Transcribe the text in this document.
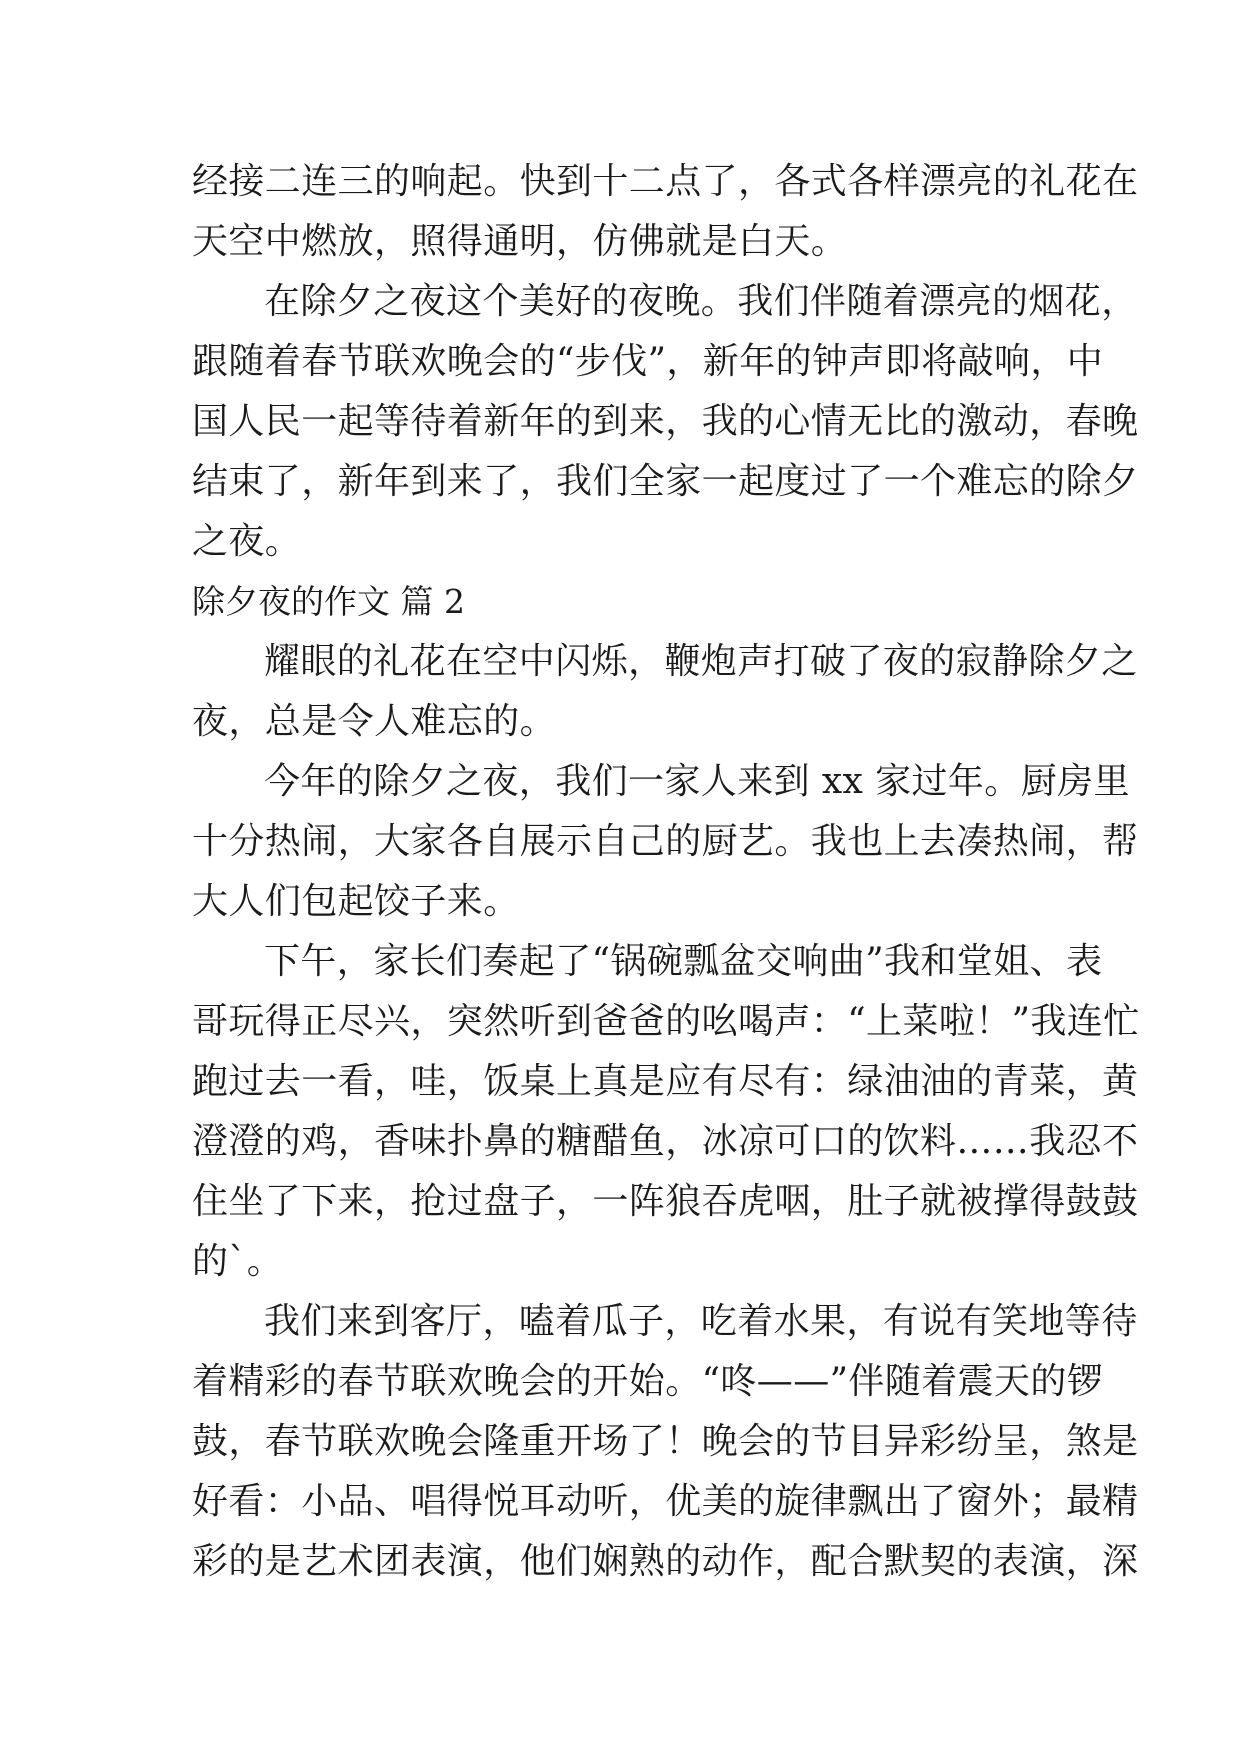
经接二连三的响起。快到十二点了，各式各样漂亮的礼花在
天空中燃放，照得通明，仿佛就是白天。
在除夕之夜这个美好的夜晚。我们伴随着漂亮的烟花，
跟随着春节联欢晚会的“步伐”，新年的钟声即将敲响，中
国人民一起等待着新年的到来，我的心情无比的激动，春晚
结束了，新年到来了，我们全家一起度过了一个难忘的除夕
之夜。
除夕夜的作文 篇 2
耀眼的礼花在空中闪烁，鞭炮声打破了夜的寂静除夕之
夜，总是令人难忘的。
今年的除夕之夜，我们一家人来到 xx 家过年。厨房里
十分热闹，大家各自展示自己的厨艺。我也上去凑热闹，帮
大人们包起饺子来。
下午，家长们奏起了“锅碗瓢盆交响曲”我和堂姐、表
哥玩得正尽兴，突然听到爸爸的吆喝声：“上菜啦！”我连忙
跑过去一看，哇，饭桌上真是应有尽有：绿油油的青菜，黄
澄澄的鸡，香味扑鼻的糖醋鱼，冰凉可口的饮料……我忍不
住坐了下来，抢过盘子，一阵狼吞虎咽，肚子就被撑得鼓鼓
的`。
我们来到客厅，嗑着瓜子，吃着水果，有说有笑地等待
着精彩的春节联欢晚会的开始。“咚——”伴随着震天的锣
鼓，春节联欢晚会隆重开场了！晚会的节目异彩纷呈，煞是
好看：小品、唱得悦耳动听，优美的旋律飘出了窗外；最精
彩的是艺术团表演，他们娴熟的动作，配合默契的表演，深
